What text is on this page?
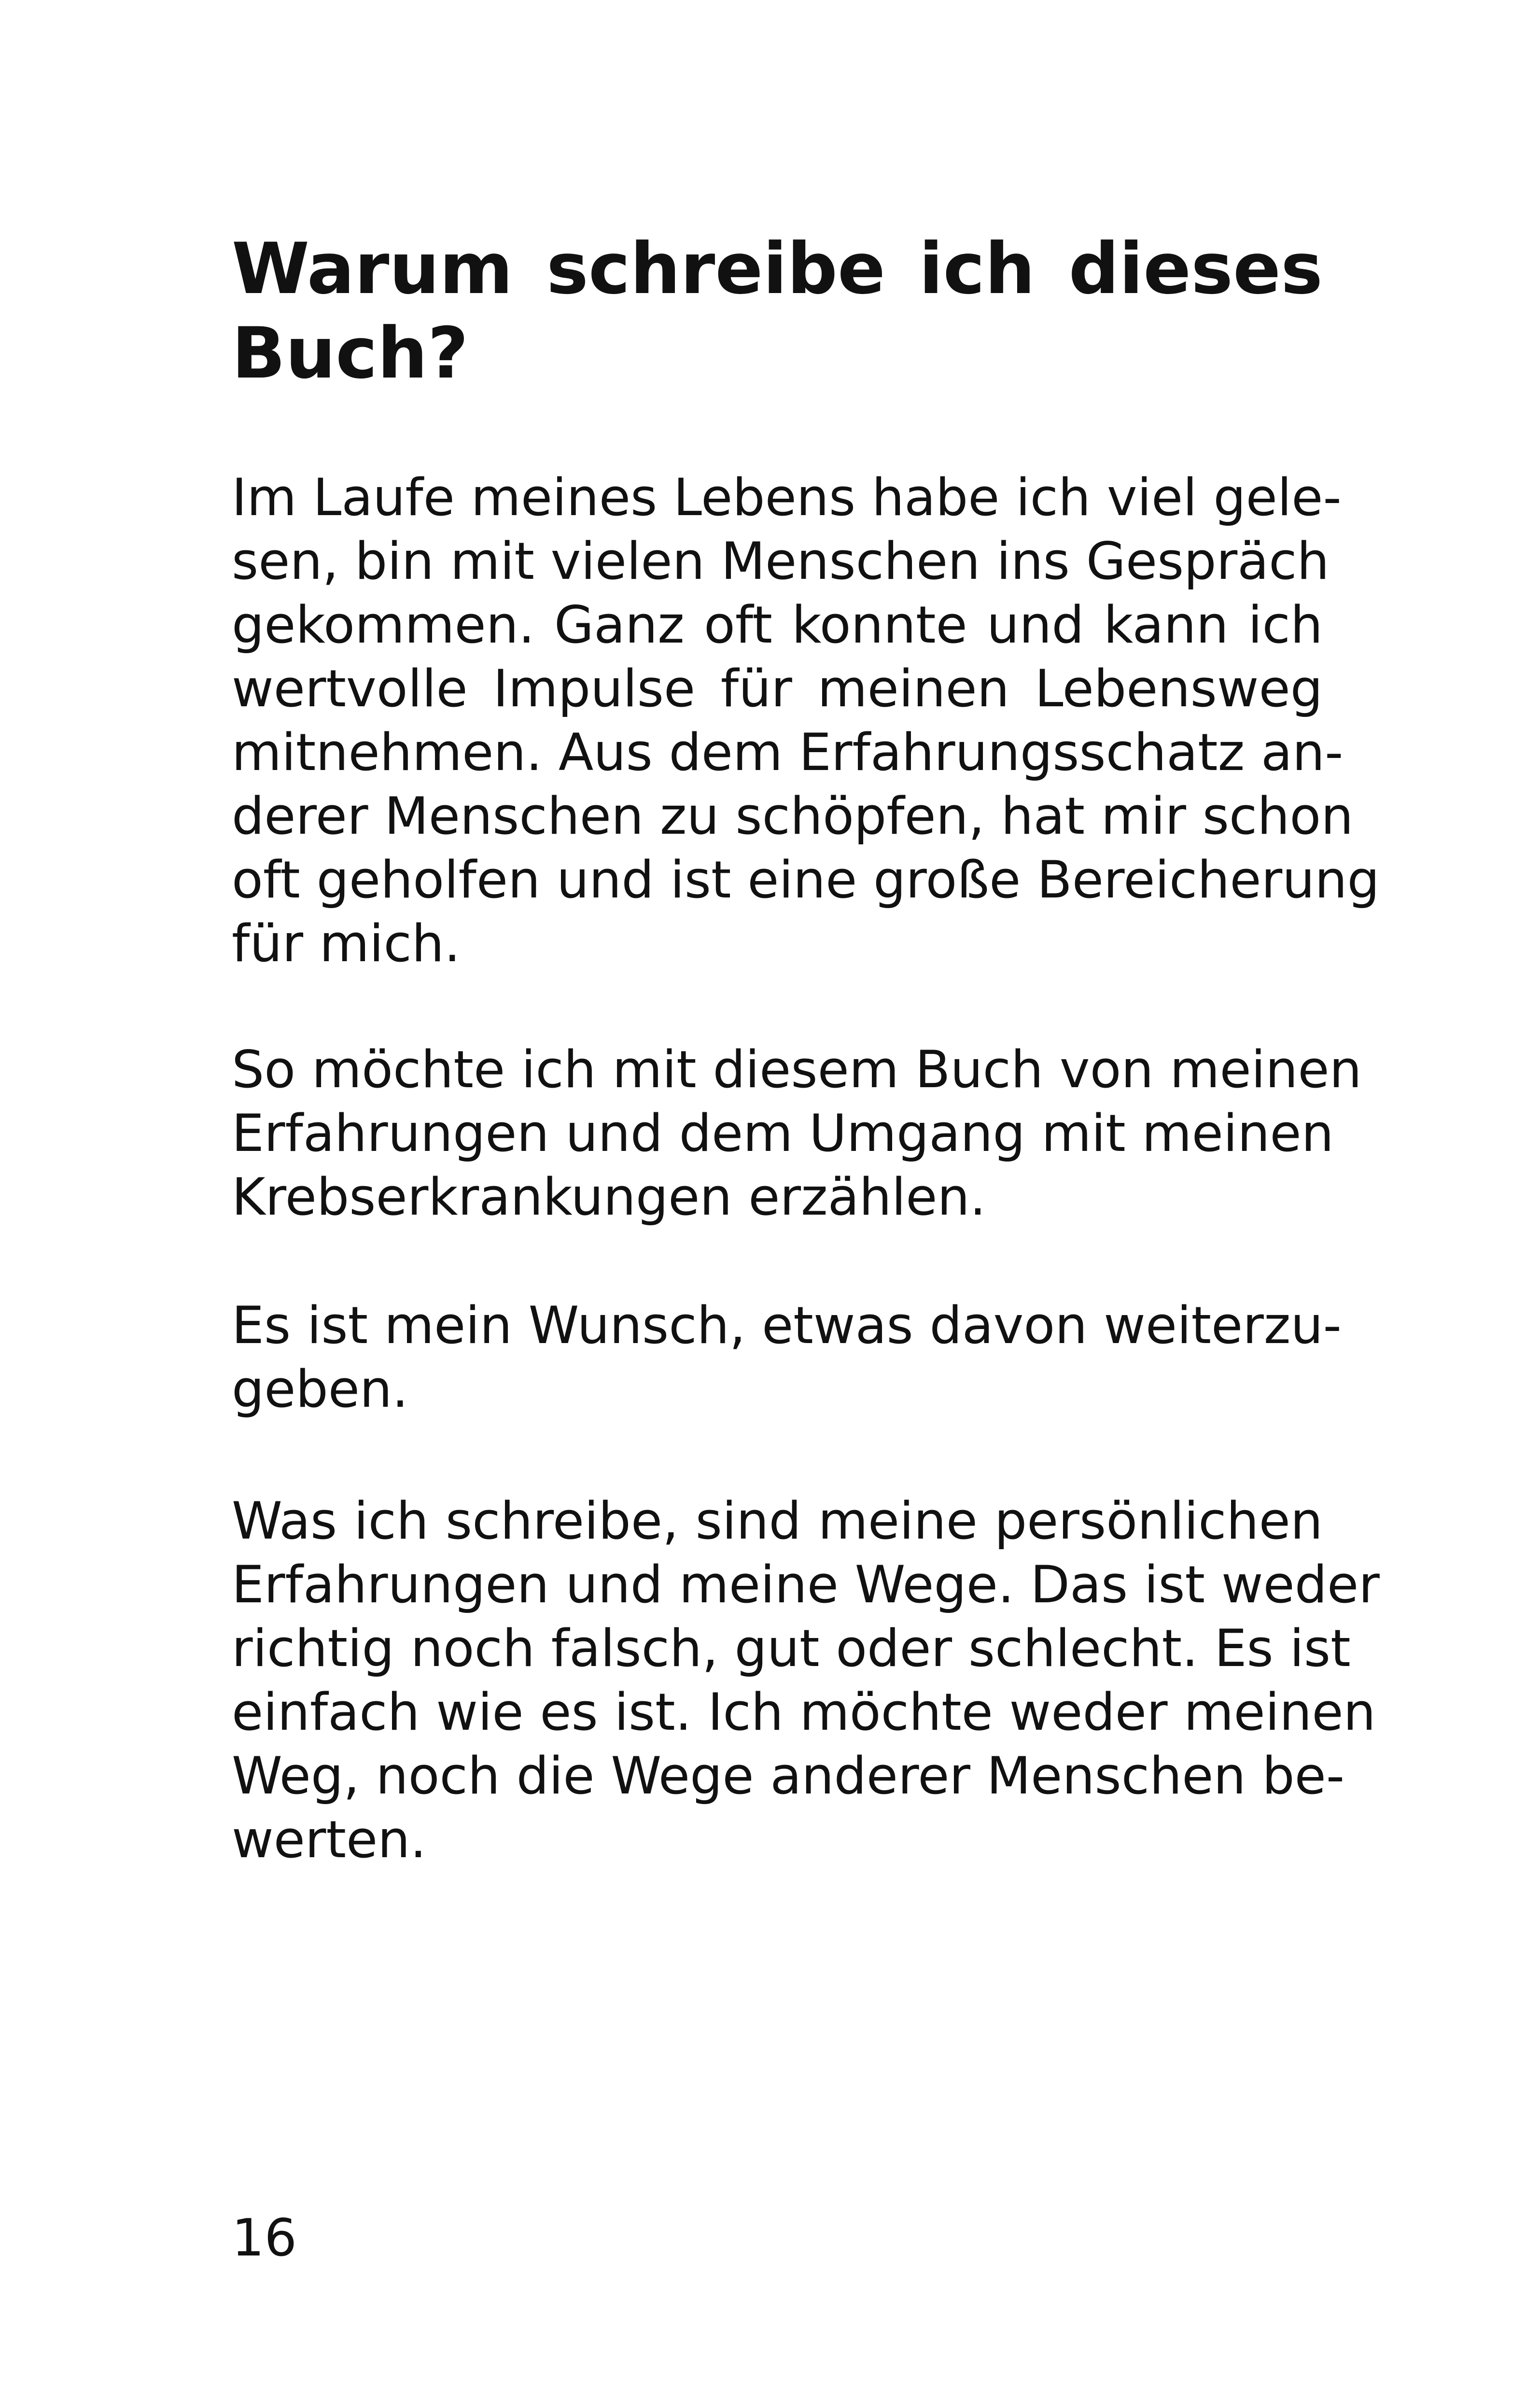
Warum schreibe ich dieses

Buch?

Im Laufe meines Lebens habe ich viel gele-

sen, bin mit vielen Menschen ins Gespräch

gekommen. Ganz oft konnte und kann ich

wertvolle Impulse für meinen Lebensweg

mitnehmen. Aus dem Erfahrungsschatz an-

derer Menschen zu schöpfen, hat mir schon

oft geholfen und ist eine große Bereicherung

für mich.

So möchte ich mit diesem Buch von meinen

Erfahrungen und dem Umgang mit meinen

Krebserkrankungen erzählen.

Es ist mein Wunsch, etwas davon weiterzu-

geben.

Was ich schreibe, sind meine persönlichen

Erfahrungen und meine Wege. Das ist weder

richtig noch falsch, gut oder schlecht. Es ist

einfach wie es ist. Ich möchte weder meinen

Weg, noch die Wege anderer Menschen be-

werten.

16
